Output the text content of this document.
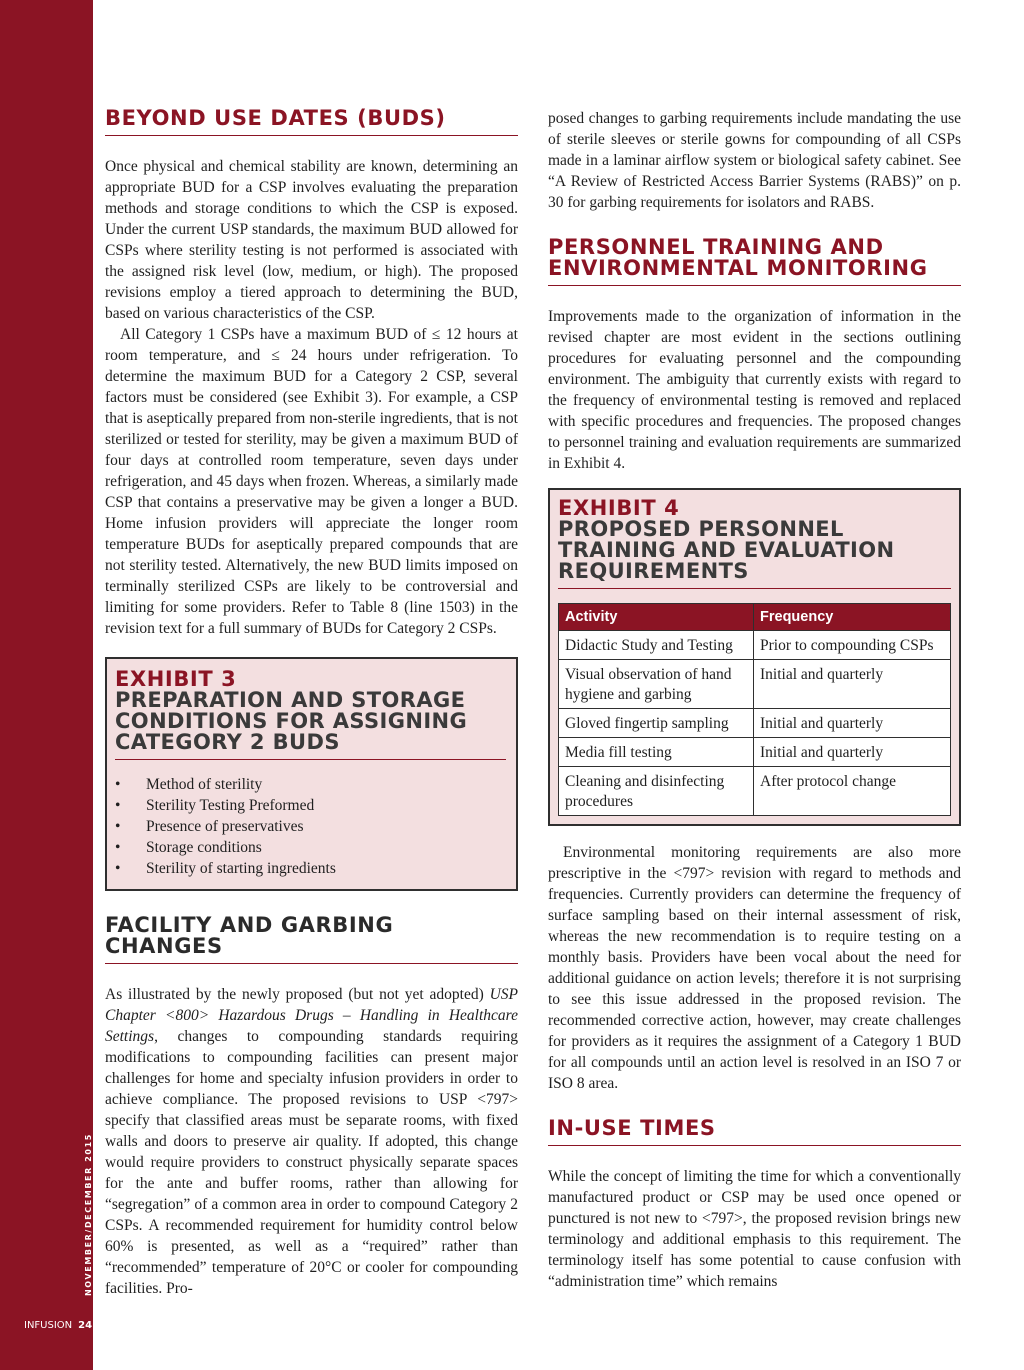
NOVEMBER/DECEMBER 2015
INFUSION 24
BEYOND USE DATES (BUDS)

Once physical and chemical stability are known, determining an appropriate BUD for a CSP involves evaluating the preparation methods and storage conditions to which the CSP is exposed. Under the current USP standards, the maximum BUD allowed for CSPs where sterility testing is not performed is associated with the assigned risk level (low, medium, or high). The proposed revisions employ a tiered approach to determining the BUD, based on various characteristics of the CSP.

All Category 1 CSPs have a maximum BUD of ≤ 12 hours at room temperature, and ≤ 24 hours under refrigeration. To determine the maximum BUD for a Category 2 CSP, several factors must be considered (see Exhibit 3). For example, a CSP that is aseptically prepared from non-sterile ingredients, that is not sterilized or tested for sterility, may be given a maximum BUD of four days at controlled room temperature, seven days under refrigeration, and 45 days when frozen. Whereas, a similarly made CSP that contains a preservative may be given a longer a BUD. Home infusion providers will appreciate the longer room temperature BUDs for aseptically prepared compounds that are not sterility tested. Alternatively, the new BUD limits imposed on terminally sterilized CSPs are likely to be controversial and limiting for some providers. Refer to Table 8 (line 1503) in the revision text for a full summary of BUDs for Category 2 CSPs.

EXHIBIT 3
PREPARATION AND STORAGE CONDITIONS FOR ASSIGNING CATEGORY 2 BUDS
• Method of sterility
• Sterility Testing Preformed
• Presence of preservatives
• Storage conditions
• Sterility of starting ingredients
FACILITY AND GARBING CHANGES

As illustrated by the newly proposed (but not yet adopted) USP Chapter <800> Hazardous Drugs – Handling in Healthcare Settings, changes to compounding standards requiring modifications to compounding facilities can present major challenges for home and specialty infusion providers in order to achieve compliance. The proposed revisions to USP <797> specify that classified areas must be separate rooms, with fixed walls and doors to preserve air quality. If adopted, this change would require providers to construct physically separate spaces for the ante and buffer rooms, rather than allowing for “segregation” of a common area in order to compound Category 2 CSPs. A recommended requirement for humidity control below 60% is presented, as well as a “required” rather than “recommended” temperature of 20°C or cooler for compounding facilities. Pro-

posed changes to garbing requirements include mandating the use of sterile sleeves or sterile gowns for compounding of all CSPs made in a laminar airflow system or biological safety cabinet. See “A Review of Restricted Access Barrier Systems (RABS)” on p. 30 for garbing requirements for isolators and RABS.

PERSONNEL TRAINING AND ENVIRONMENTAL MONITORING

Improvements made to the organization of information in the revised chapter are most evident in the sections outlining procedures for evaluating personnel and the compounding environment. The ambiguity that currently exists with regard to the frequency of environmental testing is removed and replaced with specific procedures and frequencies. The proposed changes to personnel training and evaluation requirements are summarized in Exhibit 4.

EXHIBIT 4
PROPOSED PERSONNEL TRAINING AND EVALUATION REQUIREMENTS
Activity	Frequency
Didactic Study and Testing	Prior to compounding CSPs
Visual observation of hand hygiene and garbing	Initial and quarterly
Gloved fingertip sampling	Initial and quarterly
Media fill testing	Initial and quarterly
Cleaning and disinfecting procedures	After protocol change

Environmental monitoring requirements are also more prescriptive in the <797> revision with regard to methods and frequencies. Currently providers can determine the frequency of surface sampling based on their internal assessment of risk, whereas the new recommendation is to require testing on a monthly basis. Providers have been vocal about the need for additional guidance on action levels; therefore it is not surprising to see this issue addressed in the proposed revision. The recommended corrective action, however, may create challenges for providers as it requires the assignment of a Category 1 BUD for all compounds until an action level is resolved in an ISO 7 or ISO 8 area.

IN-USE TIMES

While the concept of limiting the time for which a conventionally manufactured product or CSP may be used once opened or punctured is not new to <797>, the proposed revision brings new terminology and additional emphasis to this requirement. The terminology itself has some potential to cause confusion with “administration time” which remains
